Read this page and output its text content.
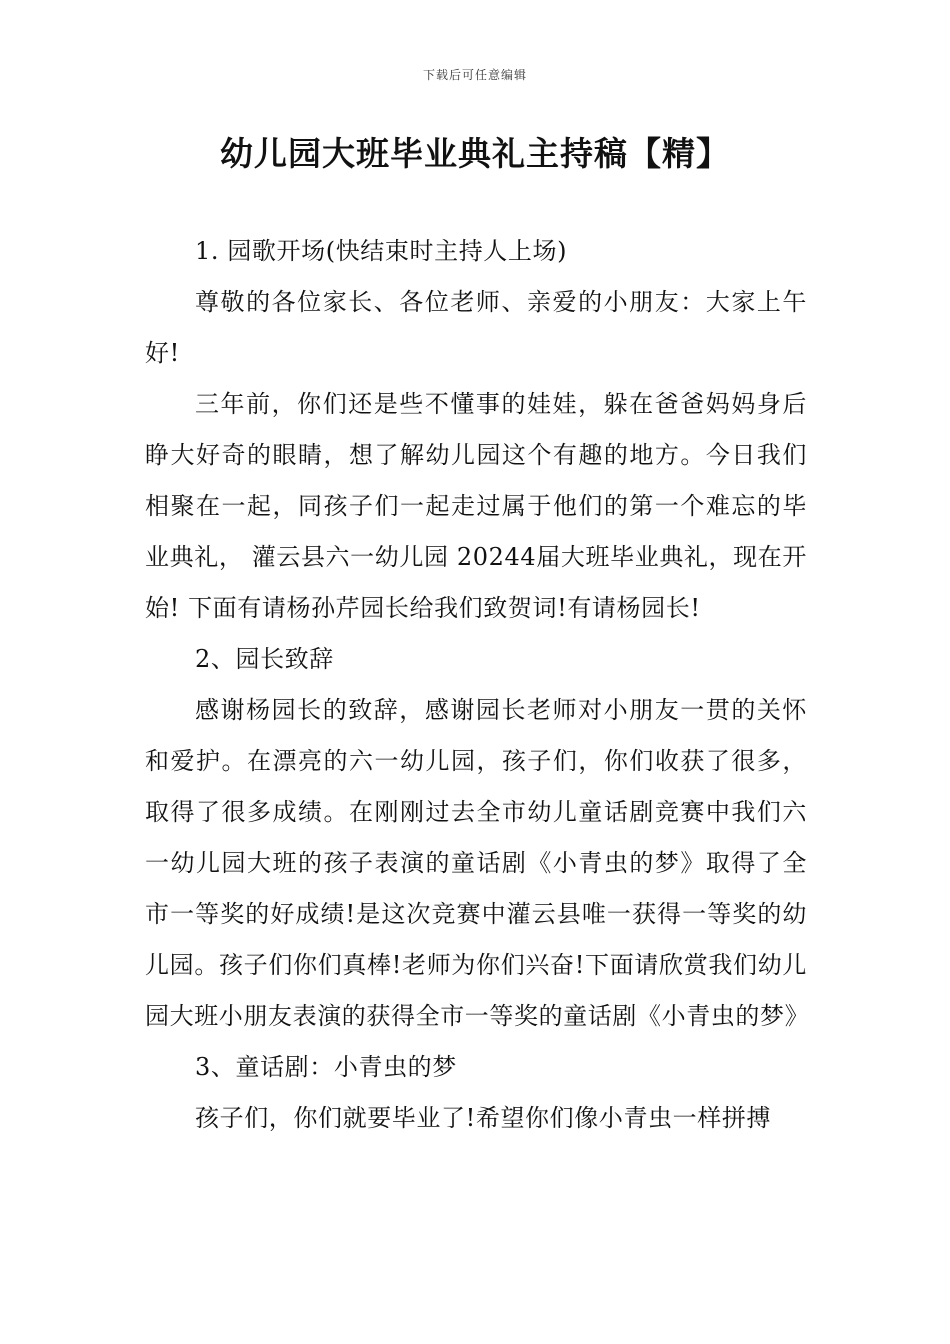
下载后可任意编辑
幼儿园大班毕业典礼主持稿【精】

1. 园歌开场(快结束时主持人上场)

尊敬的各位家长、各位老师、亲爱的小朋友：大家上午好!

三年前，你们还是些不懂事的娃娃，躲在爸爸妈妈身后睁大好奇的眼睛，想了解幼儿园这个有趣的地方。今日我们相聚在一起，同孩子们一起走过属于他们的第一个难忘的毕业典礼， 灌云县六一幼儿园 20244届大班毕业典礼，现在开始! 下面有请杨孙芹园长给我们致贺词!有请杨园长!

2、园长致辞

感谢杨园长的致辞，感谢园长老师对小朋友一贯的关怀和爱护。在漂亮的六一幼儿园，孩子们，你们收获了很多，取得了很多成绩。在刚刚过去全市幼儿童话剧竞赛中我们六一幼儿园大班的孩子表演的童话剧《小青虫的梦》取得了全市一等奖的好成绩!是这次竞赛中灌云县唯一获得一等奖的幼儿园。孩子们你们真棒!老师为你们兴奋!下面请欣赏我们幼儿园大班小朋友表演的获得全市一等奖的童话剧《小青虫的梦》

3、童话剧：小青虫的梦

孩子们，你们就要毕业了!希望你们像小青虫一样拼搏
